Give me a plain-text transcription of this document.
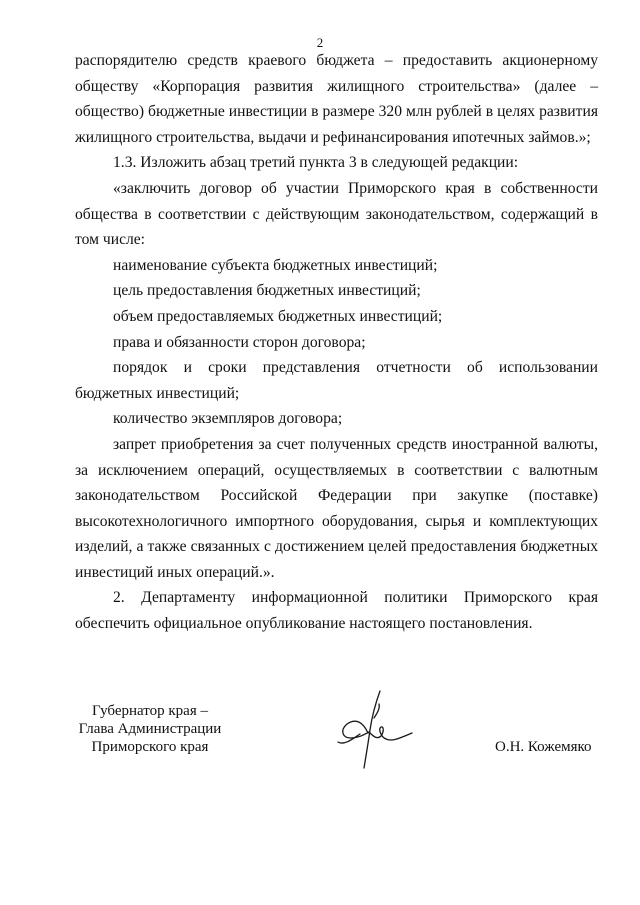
2

распорядителю средств краевого бюджета – предоставить акционерному обществу «Корпорация развития жилищного строительства» (далее – общество) бюджетные инвестиции в размере 320 млн рублей в целях развития жилищного строительства, выдачи и рефинансирования ипотечных займов.»;

1.3. Изложить абзац третий пункта 3 в следующей редакции:

«заключить договор об участии Приморского края в собственности общества в соответствии с действующим законодательством, содержащий в том числе:

наименование субъекта бюджетных инвестиций;

цель предоставления бюджетных инвестиций;

объем предоставляемых бюджетных инвестиций;

права и обязанности сторон договора;

порядок и сроки представления отчетности об использовании бюджетных инвестиций;

количество экземпляров договора;

запрет приобретения за счет полученных средств иностранной валюты, за исключением операций, осуществляемых в соответствии с валютным законодательством Российской Федерации при закупке (поставке) высокотехнологичного импортного оборудования, сырья и комплектующих изделий, а также связанных с достижением целей предоставления бюджетных инвестиций иных операций.».

2. Департаменту информационной политики Приморского края обеспечить официальное опубликование настоящего постановления.

Губернатор края –
Глава Администрации
Приморского края	О.Н. Кожемяко
